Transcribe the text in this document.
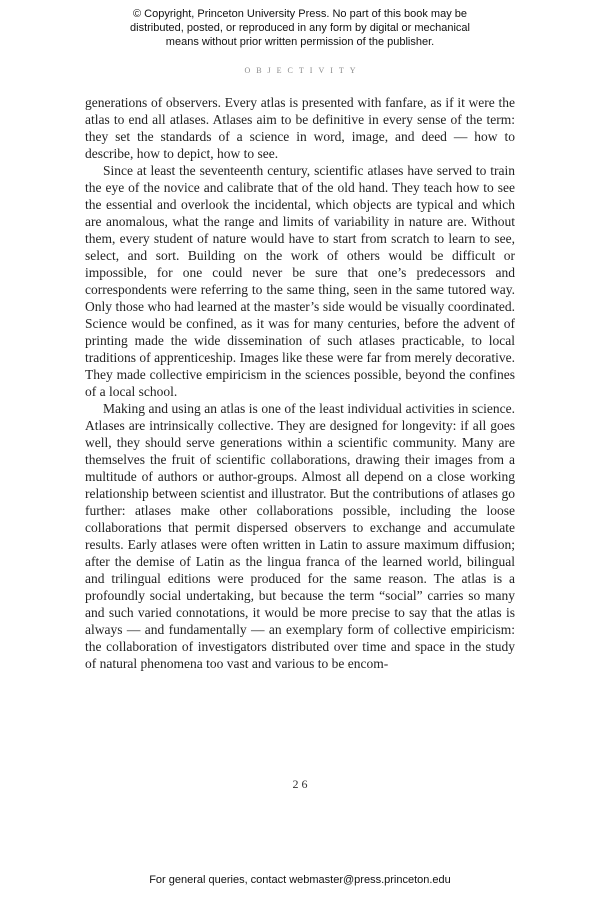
© Copyright, Princeton University Press. No part of this book may be
distributed, posted, or reproduced in any form by digital or mechanical
means without prior written permission of the publisher.
OBJECTIVITY

generations of observers. Every atlas is presented with fanfare, as if it were the atlas to end all atlases. Atlases aim to be definitive in every sense of the term: they set the standards of a science in word, image, and deed — how to describe, how to depict, how to see.

Since at least the seventeenth century, scientific atlases have served to train the eye of the novice and calibrate that of the old hand. They teach how to see the essential and overlook the incidental, which objects are typical and which are anomalous, what the range and limits of variability in nature are. Without them, every student of nature would have to start from scratch to learn to see, select, and sort. Building on the work of others would be difficult or impossible, for one could never be sure that one’s predecessors and correspondents were referring to the same thing, seen in the same tutored way. Only those who had learned at the master’s side would be visually coordinated. Science would be confined, as it was for many centuries, before the advent of printing made the wide dissemination of such atlases practicable, to local traditions of apprenticeship. Images like these were far from merely decorative. They made collective empiricism in the sciences possible, beyond the confines of a local school.

Making and using an atlas is one of the least individual activities in science. Atlases are intrinsically collective. They are designed for longevity: if all goes well, they should serve generations within a scientific community. Many are themselves the fruit of scientific collaborations, drawing their images from a multitude of authors or author-groups. Almost all depend on a close working relationship between scientist and illustrator. But the contributions of atlases go further: atlases make other collaborations possible, including the loose collaborations that permit dispersed observers to exchange and accumulate results. Early atlases were often written in Latin to assure maximum diffusion; after the demise of Latin as the lingua franca of the learned world, bilingual and trilingual editions were produced for the same reason. The atlas is a profoundly social undertaking, but because the term “social” carries so many and such varied connotations, it would be more precise to say that the atlas is always — and fundamentally — an exemplary form of collective empiricism: the collaboration of investigators distributed over time and space in the study of natural phenomena too vast and various to be encom-

26
For general queries, contact webmaster@press.princeton.edu
